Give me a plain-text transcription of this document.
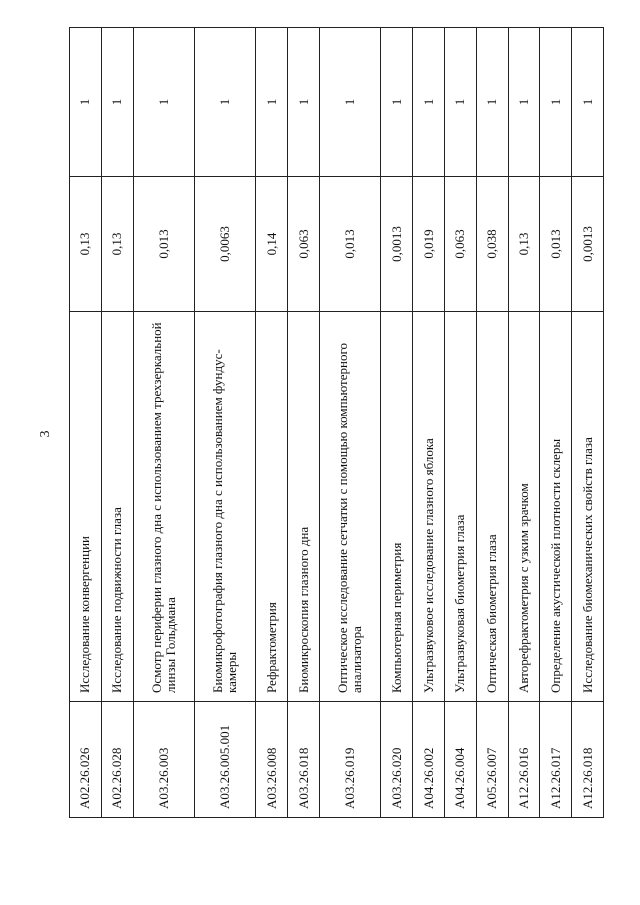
3
A02.26.026	Исследование конвергенции	0,13	1
A02.26.028	Исследование подвижности глаза	0,13	1
A03.26.003	Осмотр периферии глазного дна с использованием трехзеркальной линзы Гольдмана	0,013	1
A03.26.005.001	Биомикрофотография глазного дна с использованием фундус-камеры	0,0063	1
A03.26.008	Рефрактометрия	0,14	1
A03.26.018	Биомикроскопия глазного дна	0,063	1
A03.26.019	Оптическое исследование сетчатки с помощью компьютерного анализатора	0,013	1
A03.26.020	Компьютерная периметрия	0,0013	1
A04.26.002	Ультразвуковое исследование глазного яблока	0,019	1
A04.26.004	Ультразвуковая биометрия глаза	0,063	1
A05.26.007	Оптическая биометрия глаза	0,038	1
A12.26.016	Авторефрактометрия с узким зрачком	0,13	1
A12.26.017	Определение акустической плотности склеры	0,013	1
A12.26.018	Исследование биомеханических свойств глаза	0,0013	1
